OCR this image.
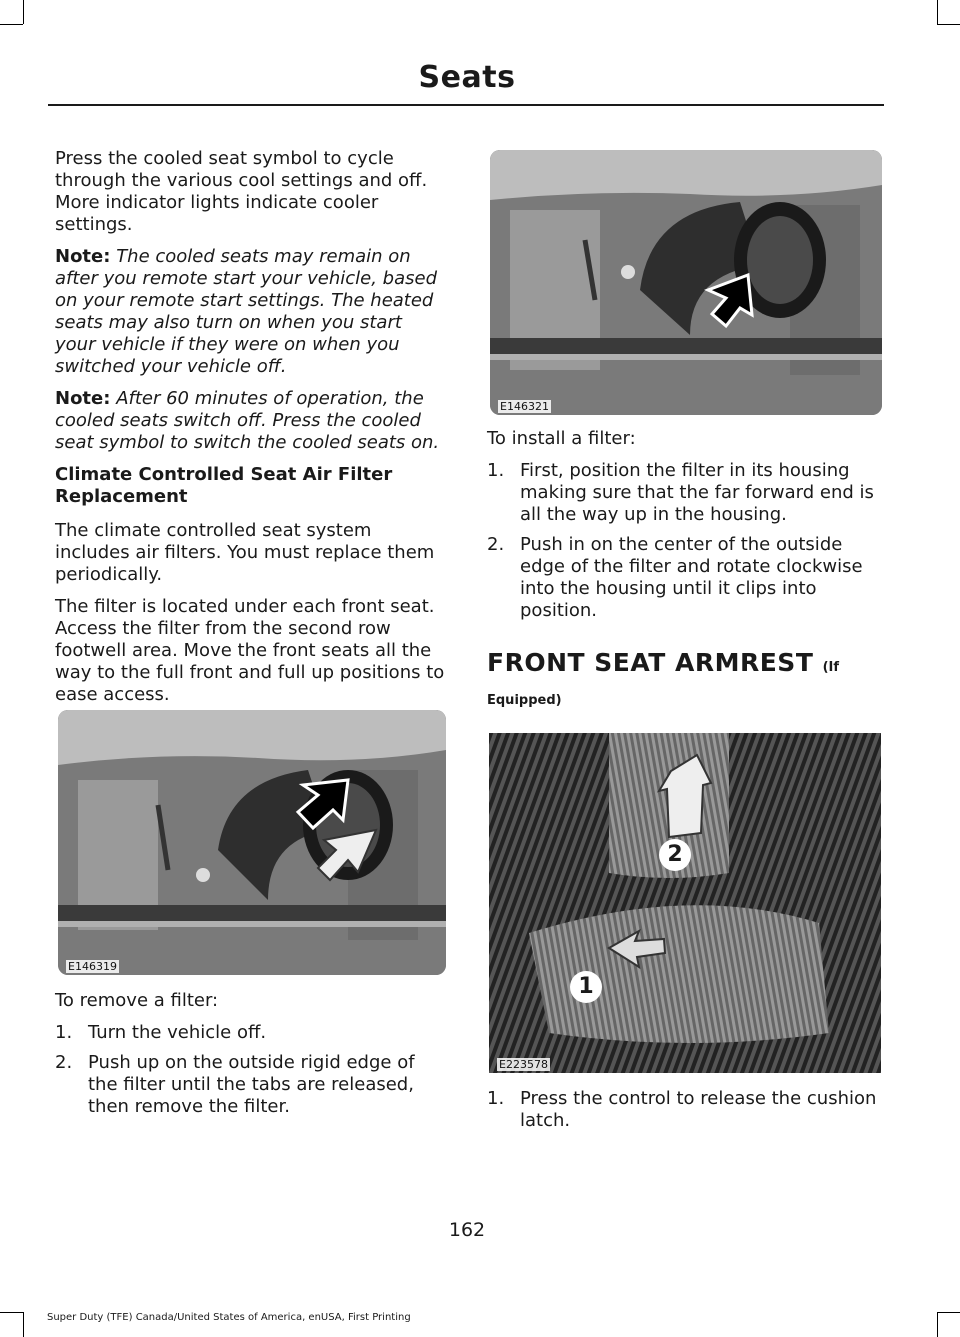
Seats

Press the cooled seat symbol to cycle through the various cool settings and off. More indicator lights indicate cooler settings.

Note: The cooled seats may remain on after you remote start your vehicle, based on your remote start settings. The heated seats may also turn on when you start your vehicle if they were on when you switched your vehicle off.

Note: After 60 minutes of operation, the cooled seats switch off. Press the cooled seat symbol to switch the cooled seats on.

Climate Controlled Seat Air Filter Replacement

The climate controlled seat system includes air filters. You must replace them periodically.

The filter is located under each front seat. Access the filter from the second row footwell area. Move the front seats all the way to the full front and full up positions to ease access.

E146319

To remove a filter:

1. Turn the vehicle off.
2. Push up on the outside rigid edge of the filter until the tabs are released, then remove the filter.
E146321

To install a filter:

1. First, position the filter in its housing making sure that the far forward end is all the way up in the housing.
2. Push in on the center of the outside edge of the filter and rotate clockwise into the housing until it clips into position.
FRONT SEAT ARMREST (If
Equipped)
2
1
E223578
1. Press the control to release the cushion latch.
162
Super Duty (TFE) Canada/United States of America, enUSA, First Printing
